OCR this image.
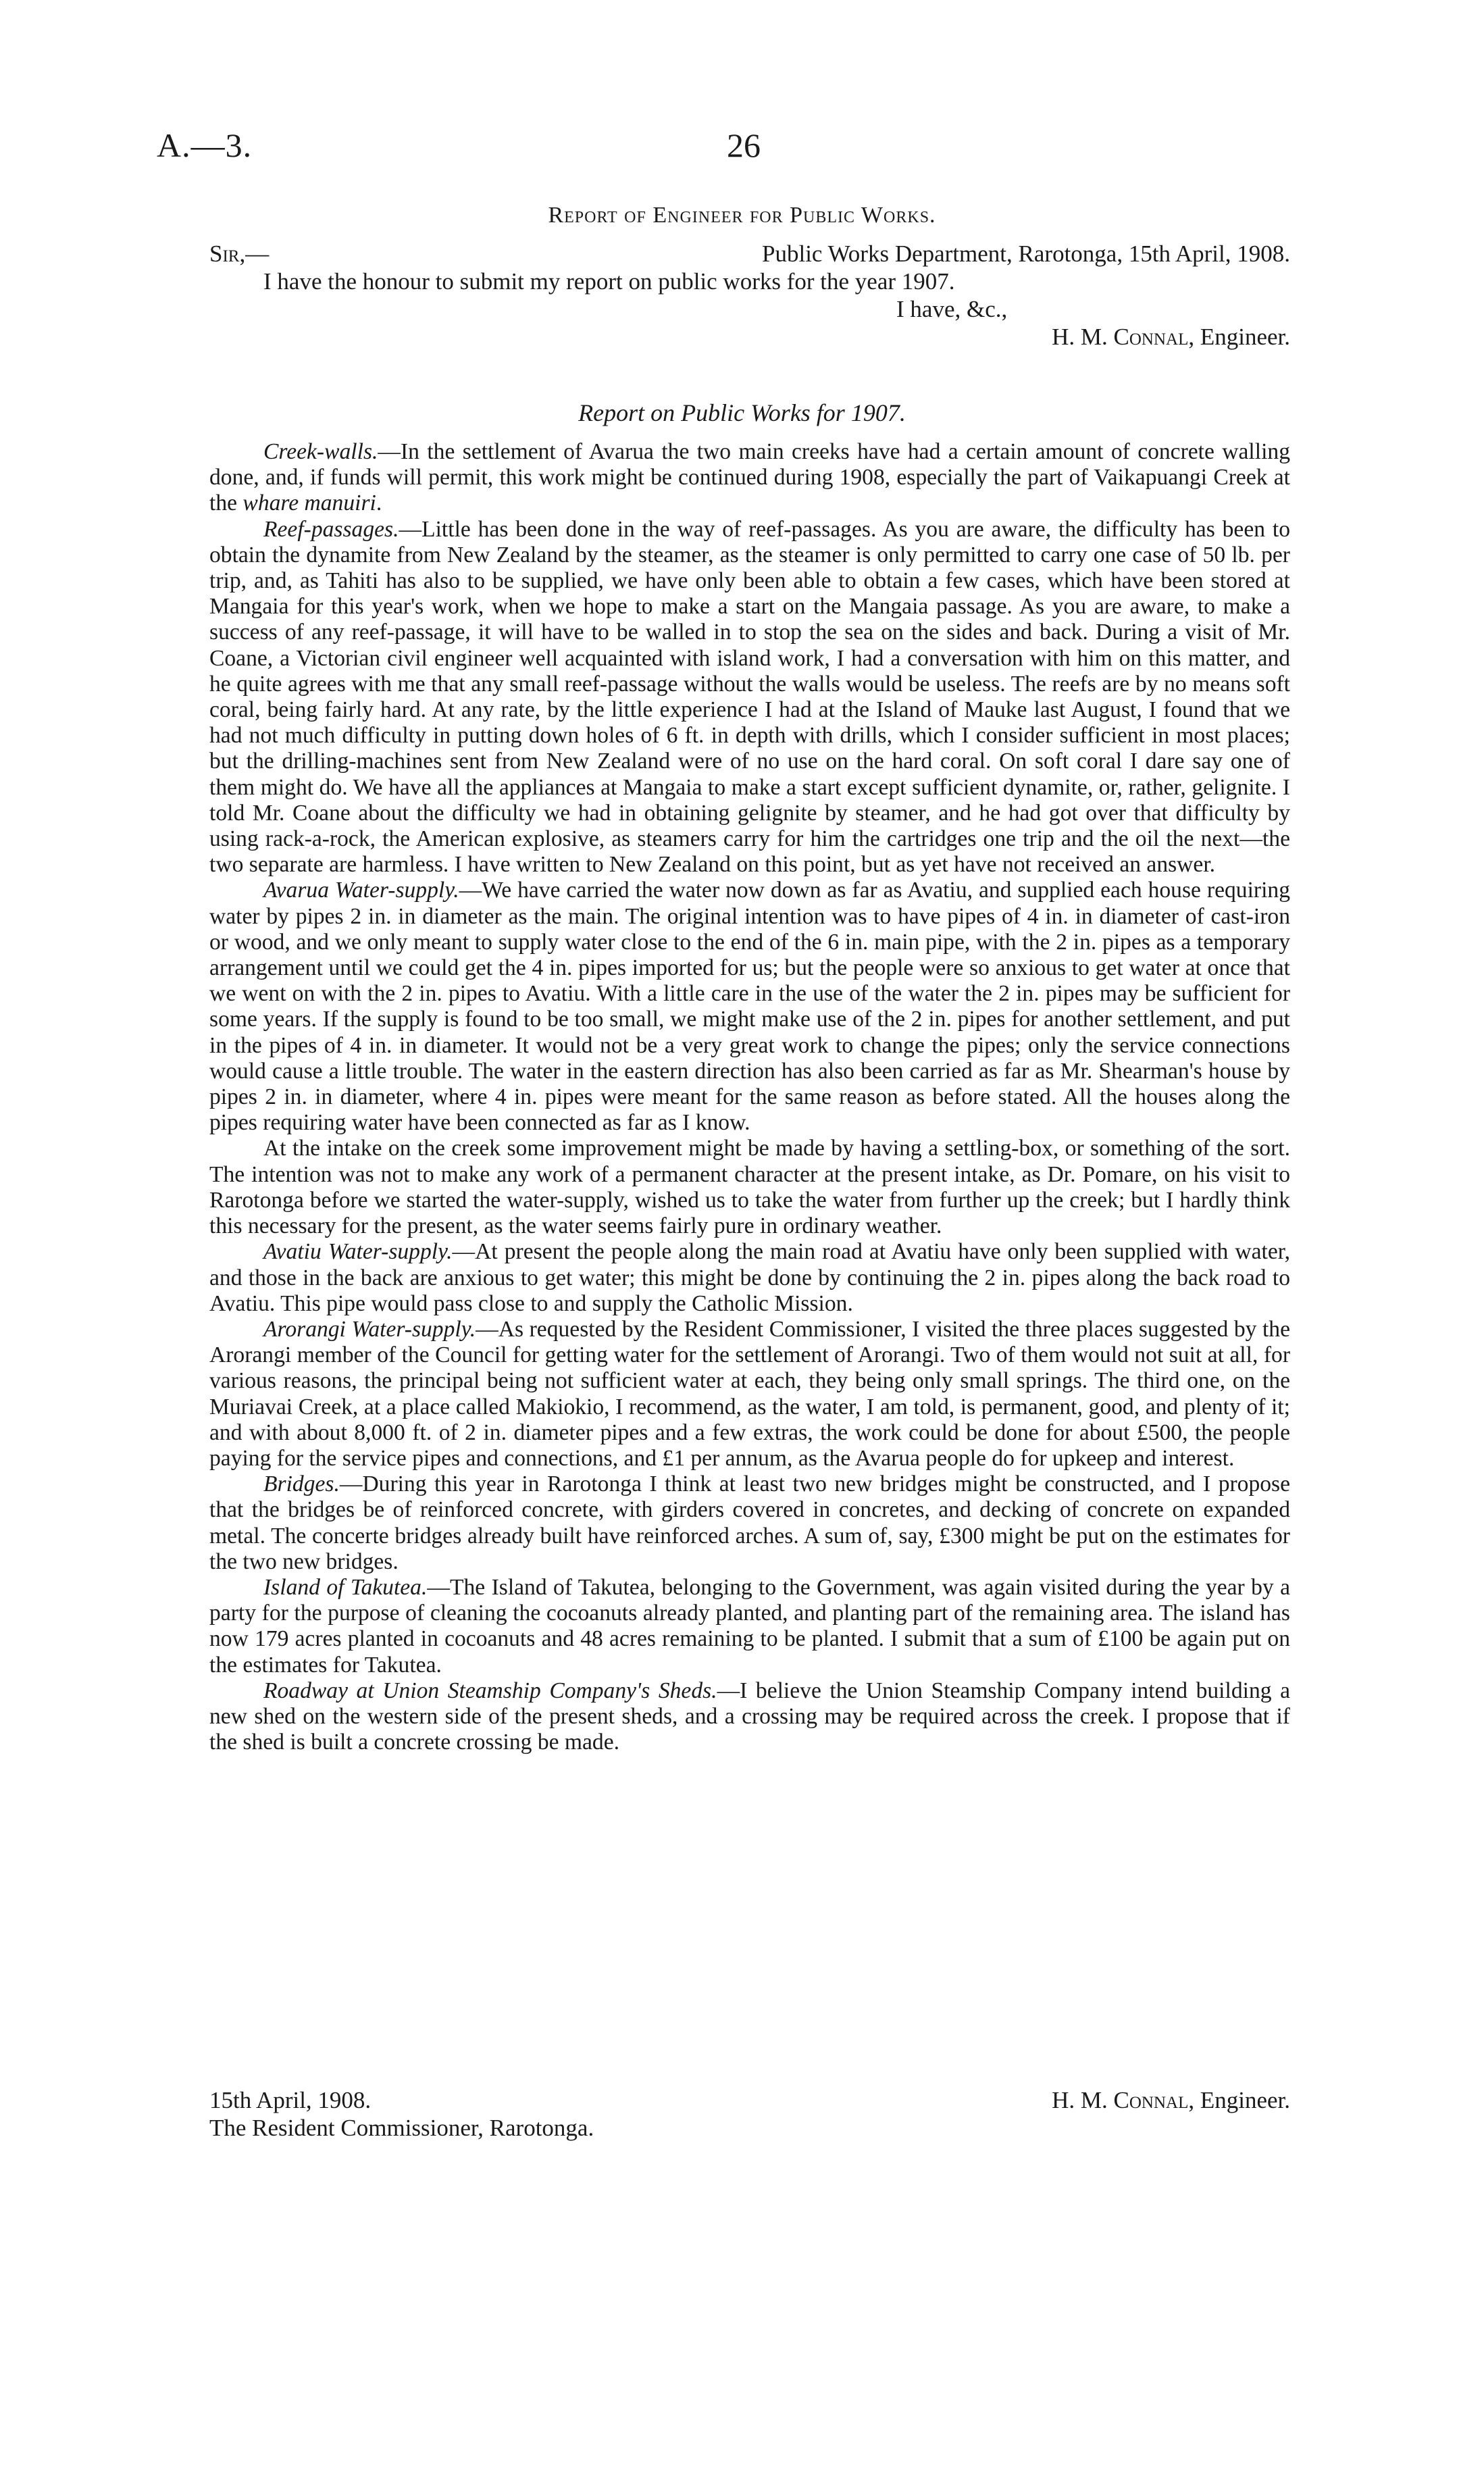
A.—3.	26
Report of Engineer for Public Works.
Sir,—	Public Works Department, Rarotonga, 15th April, 1908.
I have the honour to submit my report on public works for the year 1907.
I have, &c.,
H. M. Connal, Engineer.
Report on Public Works for 1907.

Creek-walls.—In the settlement of Avarua the two main creeks have had a certain amount of concrete walling done, and, if funds will permit, this work might be continued during 1908, especially the part of Vaikapuangi Creek at the whare manuiri.

Reef-passages.—Little has been done in the way of reef-passages. As you are aware, the difficulty has been to obtain the dynamite from New Zealand by the steamer, as the steamer is only permitted to carry one case of 50 lb. per trip, and, as Tahiti has also to be supplied, we have only been able to obtain a few cases, which have been stored at Mangaia for this year's work, when we hope to make a start on the Mangaia passage. As you are aware, to make a success of any reef-passage, it will have to be walled in to stop the sea on the sides and back. During a visit of Mr. Coane, a Victorian civil engineer well acquainted with island work, I had a conversation with him on this matter, and he quite agrees with me that any small reef-passage without the walls would be useless. The reefs are by no means soft coral, being fairly hard. At any rate, by the little experience I had at the Island of Mauke last August, I found that we had not much difficulty in putting down holes of 6 ft. in depth with drills, which I consider sufficient in most places; but the drilling-machines sent from New Zealand were of no use on the hard coral. On soft coral I dare say one of them might do. We have all the appliances at Mangaia to make a start except sufficient dynamite, or, rather, gelignite. I told Mr. Coane about the difficulty we had in obtaining gelignite by steamer, and he had got over that difficulty by using rack-a-rock, the American explosive, as steamers carry for him the cartridges one trip and the oil the next—the two separate are harmless. I have written to New Zealand on this point, but as yet have not received an answer.

Avarua Water-supply.—We have carried the water now down as far as Avatiu, and supplied each house requiring water by pipes 2 in. in diameter as the main. The original intention was to have pipes of 4 in. in diameter of cast-iron or wood, and we only meant to supply water close to the end of the 6 in. main pipe, with the 2 in. pipes as a temporary arrangement until we could get the 4 in. pipes imported for us; but the people were so anxious to get water at once that we went on with the 2 in. pipes to Avatiu. With a little care in the use of the water the 2 in. pipes may be sufficient for some years. If the supply is found to be too small, we might make use of the 2 in. pipes for another settlement, and put in the pipes of 4 in. in diameter. It would not be a very great work to change the pipes; only the service connections would cause a little trouble. The water in the eastern direction has also been carried as far as Mr. Shearman's house by pipes 2 in. in diameter, where 4 in. pipes were meant for the same reason as before stated. All the houses along the pipes requiring water have been connected as far as I know.

At the intake on the creek some improvement might be made by having a settling-box, or something of the sort. The intention was not to make any work of a permanent character at the present intake, as Dr. Pomare, on his visit to Rarotonga before we started the water-supply, wished us to take the water from further up the creek; but I hardly think this necessary for the present, as the water seems fairly pure in ordinary weather.

Avatiu Water-supply.—At present the people along the main road at Avatiu have only been supplied with water, and those in the back are anxious to get water; this might be done by continuing the 2 in. pipes along the back road to Avatiu. This pipe would pass close to and supply the Catholic Mission.

Arorangi Water-supply.—As requested by the Resident Commissioner, I visited the three places suggested by the Arorangi member of the Council for getting water for the settlement of Arorangi. Two of them would not suit at all, for various reasons, the principal being not sufficient water at each, they being only small springs. The third one, on the Muriavai Creek, at a place called Makiokio, I recommend, as the water, I am told, is permanent, good, and plenty of it; and with about 8,000 ft. of 2 in. diameter pipes and a few extras, the work could be done for about £500, the people paying for the service pipes and connections, and £1 per annum, as the Avarua people do for upkeep and interest.

Bridges.—During this year in Rarotonga I think at least two new bridges might be constructed, and I propose that the bridges be of reinforced concrete, with girders covered in concretes, and decking of concrete on expanded metal. The concerte bridges already built have reinforced arches. A sum of, say, £300 might be put on the estimates for the two new bridges.

Island of Takutea.—The Island of Takutea, belonging to the Government, was again visited during the year by a party for the purpose of cleaning the cocoanuts already planted, and planting part of the remaining area. The island has now 179 acres planted in cocoanuts and 48 acres remaining to be planted. I submit that a sum of £100 be again put on the estimates for Takutea.

Roadway at Union Steamship Company's Sheds.—I believe the Union Steamship Company intend building a new shed on the western side of the present sheds, and a crossing may be required across the creek. I propose that if the shed is built a concrete crossing be made.

15th April, 1908.	H. M. Connal, Engineer.
The Resident Commissioner, Rarotonga.
